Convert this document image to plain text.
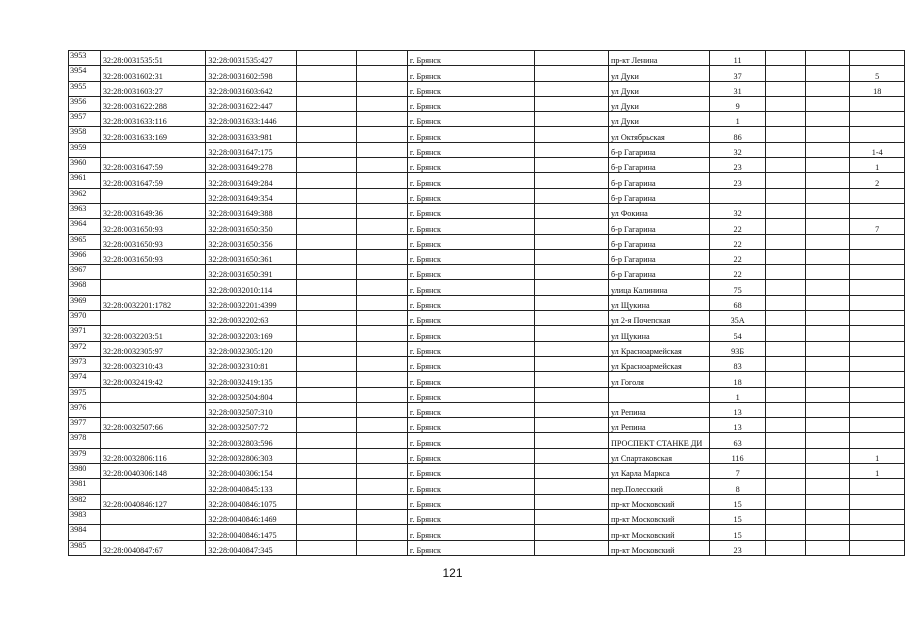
3953	32:28:0031535:51	32:28:0031535:427			г. Брянск		пр-кт Ленина	11			
3954	32:28:0031602:31	32:28:0031602:598			г. Брянск		ул Дуки	37			5
3955	32:28:0031603:27	32:28:0031603:642			г. Брянск		ул Дуки	31			18
3956	32:28:0031622:288	32:28:0031622:447			г. Брянск		ул Дуки	9			
3957	32:28:0031633:116	32:28:0031633:1446			г. Брянск		ул Дуки	1			
3958	32:28:0031633:169	32:28:0031633:981			г. Брянск		ул Октябрьская	86			
3959		32:28:0031647:175			г. Брянск		б-р Гагарина	32			1-4
3960	32:28:0031647:59	32:28:0031649:278			г. Брянск		б-р Гагарина	23			1
3961	32:28:0031647:59	32:28:0031649:284			г. Брянск		б-р Гагарина	23			2
3962		32:28:0031649:354			г. Брянск		б-р Гагарина				
3963	32:28:0031649:36	32:28:0031649:388			г. Брянск		ул Фокина	32			
3964	32:28:0031650:93	32:28:0031650:350			г. Брянск		б-р Гагарина	22			7
3965	32:28:0031650:93	32:28:0031650:356			г. Брянск		б-р Гагарина	22			
3966	32:28:0031650:93	32:28:0031650:361			г. Брянск		б-р Гагарина	22			
3967		32:28:0031650:391			г. Брянск		б-р Гагарина	22			
3968		32:28:0032010:114			г. Брянск		улица Калинина	75			
3969	32:28:0032201:1782	32:28:0032201:4399			г. Брянск		ул Щукина	68			
3970		32:28:0032202:63			г. Брянск		ул 2-я Почепская	35А			
3971	32:28:0032203:51	32:28:0032203:169			г. Брянск		ул Щукина	54			
3972	32:28:0032305:97	32:28:0032305:120			г. Брянск		ул Красноармейская	93Б			
3973	32:28:0032310:43	32:28:0032310:81			г. Брянск		ул Красноармейская	83			
3974	32:28:0032419:42	32:28:0032419:135			г. Брянск		ул Гоголя	18			
3975		32:28:0032504:804			г. Брянск			1			
3976		32:28:0032507:310			г. Брянск		ул Репина	13			
3977	32:28:0032507:66	32:28:0032507:72			г. Брянск		ул Репина	13			
3978		32:28:0032803:596			г. Брянск		ПРОСПЕКТ СТАНКЕ ДИ	63			
3979	32:28:0032806:116	32:28:0032806:303			г. Брянск		ул Спартаковская	116			1
3980	32:28:0040306:148	32:28:0040306:154			г. Брянск		ул Карла Маркса	7			1
3981		32:28:0040845:133			г. Брянск		пер.Полесский	8			
3982	32:28:0040846:127	32:28:0040846:1075			г. Брянск		пр-кт Московский	15			
3983		32:28:0040846:1469			г. Брянск		пр-кт Московский	15			
3984		32:28:0040846:1475			г. Брянск		пр-кт Московский	15			
3985	32:28:0040847:67	32:28:0040847:345			г. Брянск		пр-кт Московский	23			
121
